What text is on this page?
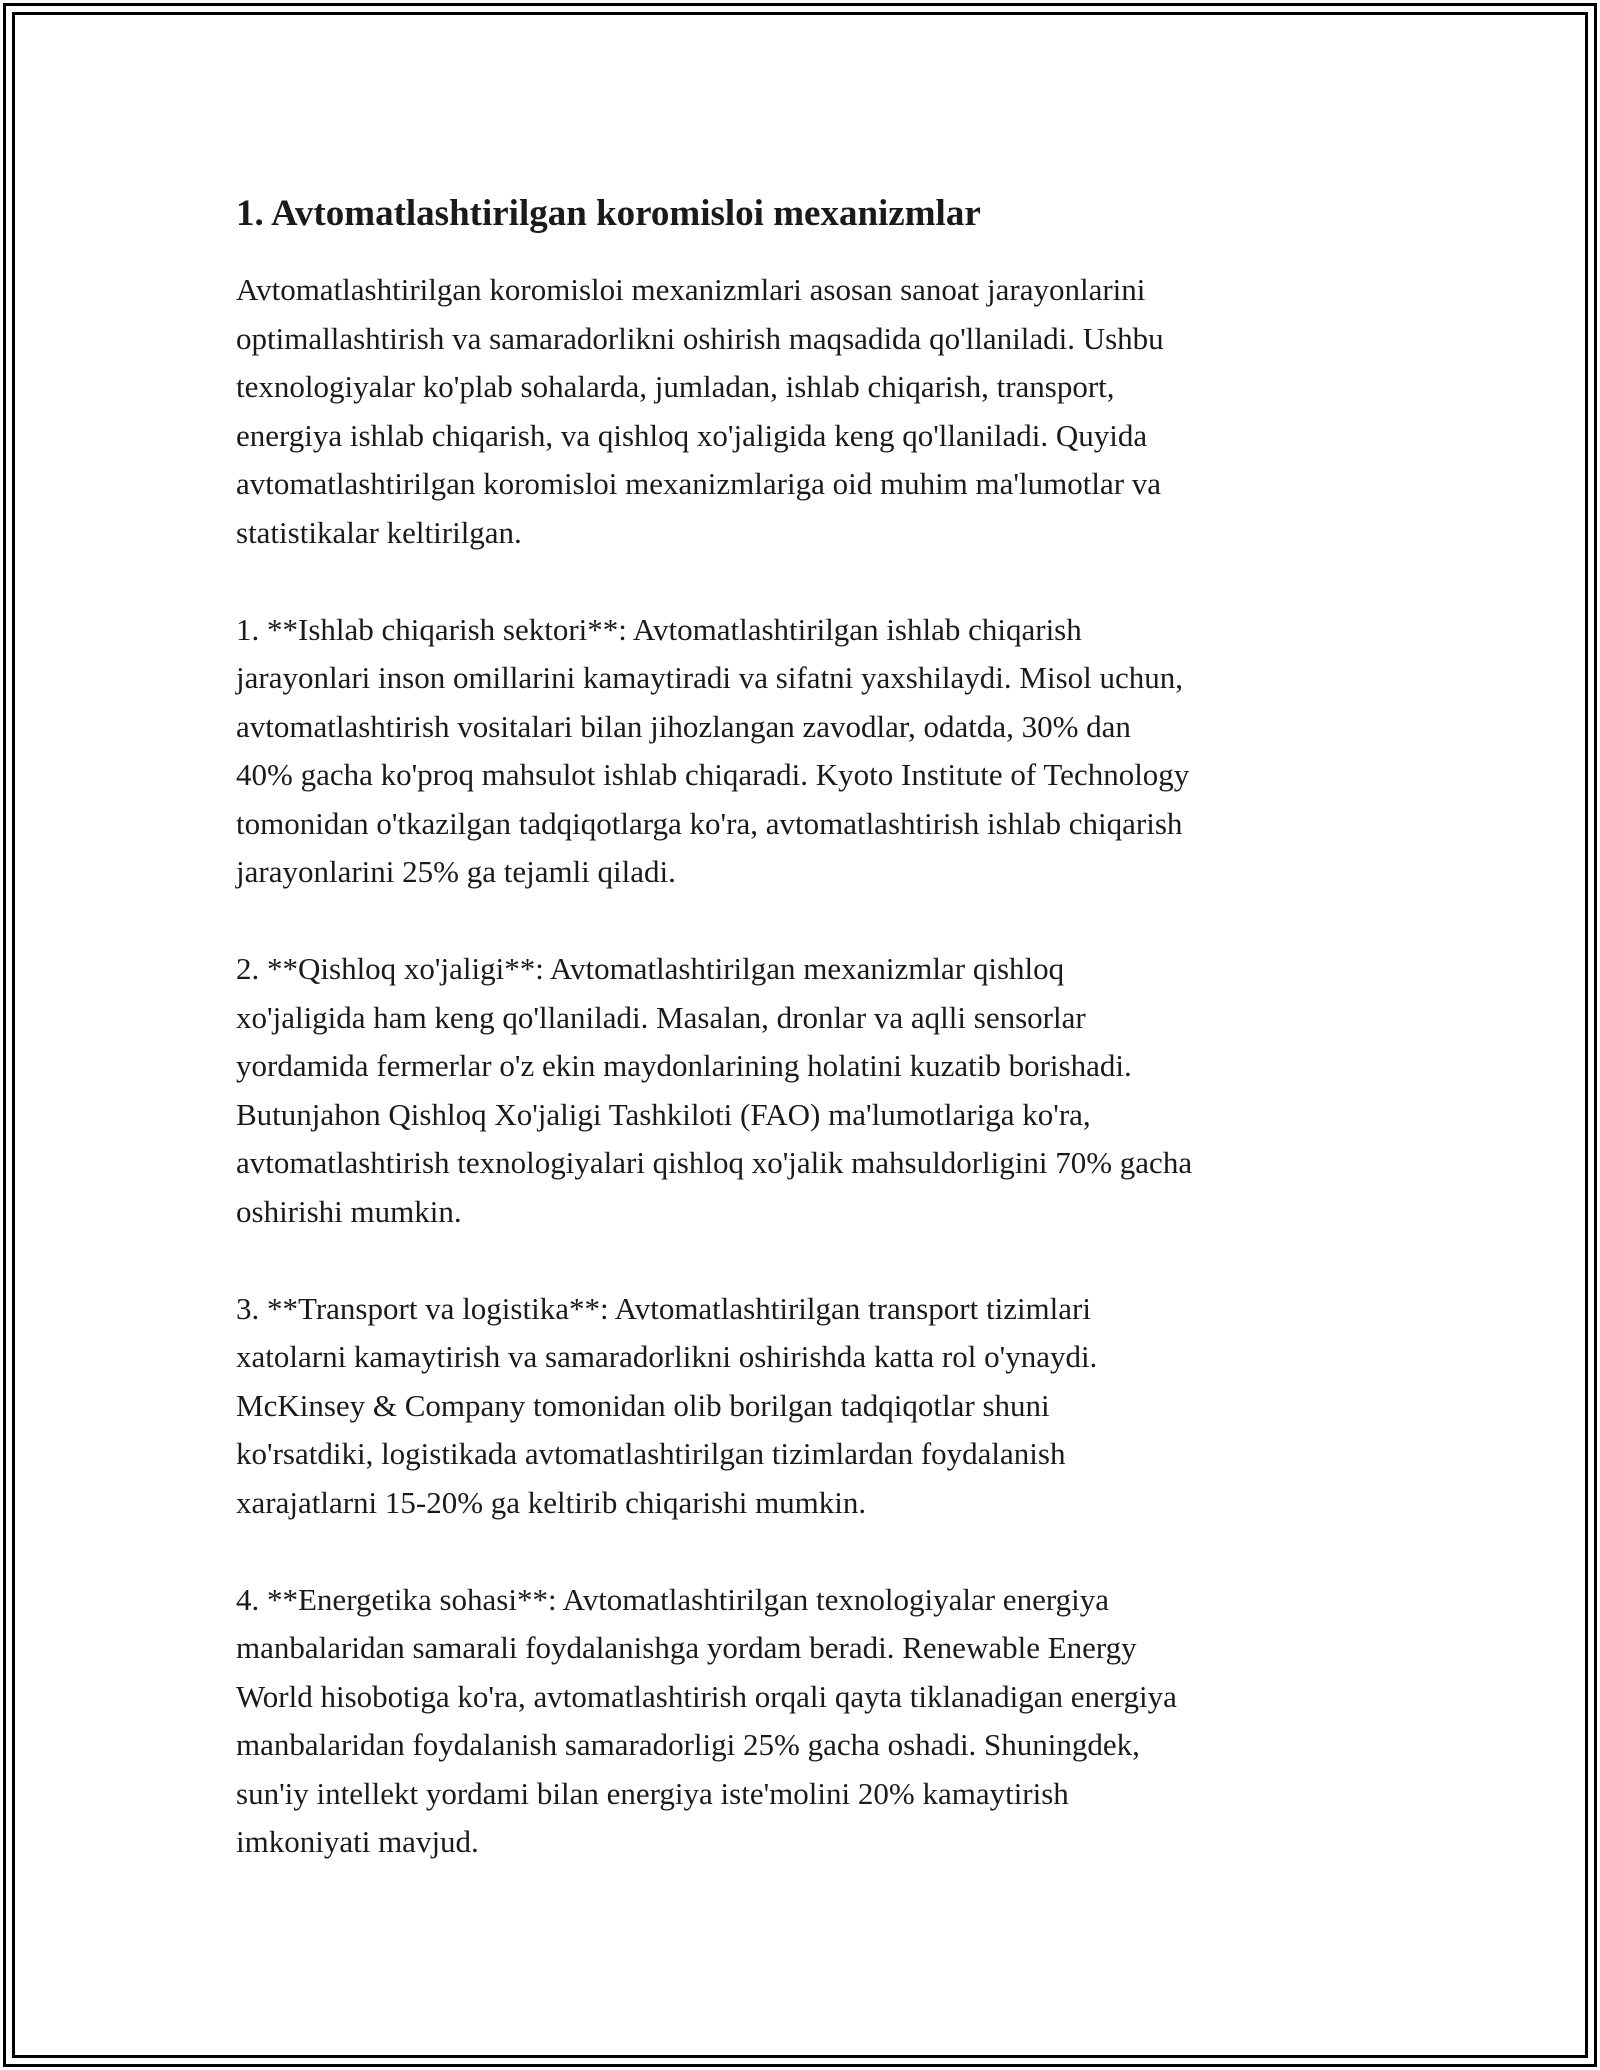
1. Avtomatlashtirilgan koromisloi mexanizmlar

Avtomatlashtirilgan koromisloi mexanizmlari asosan sanoat jarayonlarini
optimallashtirish va samaradorlikni oshirish maqsadida qo'llaniladi. Ushbu
texnologiyalar ko'plab sohalarda, jumladan, ishlab chiqarish, transport,
energiya ishlab chiqarish, va qishloq xo'jaligida keng qo'llaniladi. Quyida
avtomatlashtirilgan koromisloi mexanizmlariga oid muhim ma'lumotlar va
statistikalar keltirilgan.

1. **Ishlab chiqarish sektori**: Avtomatlashtirilgan ishlab chiqarish
jarayonlari inson omillarini kamaytiradi va sifatni yaxshilaydi. Misol uchun,
avtomatlashtirish vositalari bilan jihozlangan zavodlar, odatda, 30% dan
40% gacha ko'proq mahsulot ishlab chiqaradi. Kyoto Institute of Technology
tomonidan o'tkazilgan tadqiqotlarga ko'ra, avtomatlashtirish ishlab chiqarish
jarayonlarini 25% ga tejamli qiladi.

2. **Qishloq xo'jaligi**: Avtomatlashtirilgan mexanizmlar qishloq
xo'jaligida ham keng qo'llaniladi. Masalan, dronlar va aqlli sensorlar
yordamida fermerlar o'z ekin maydonlarining holatini kuzatib borishadi.
Butunjahon Qishloq Xo'jaligi Tashkiloti (FAO) ma'lumotlariga ko'ra,
avtomatlashtirish texnologiyalari qishloq xo'jalik mahsuldorligini 70% gacha
oshirishi mumkin.

3. **Transport va logistika**: Avtomatlashtirilgan transport tizimlari
xatolarni kamaytirish va samaradorlikni oshirishda katta rol o'ynaydi.
McKinsey & Company tomonidan olib borilgan tadqiqotlar shuni
ko'rsatdiki, logistikada avtomatlashtirilgan tizimlardan foydalanish
xarajatlarni 15-20% ga keltirib chiqarishi mumkin.

4. **Energetika sohasi**: Avtomatlashtirilgan texnologiyalar energiya
manbalaridan samarali foydalanishga yordam beradi. Renewable Energy
World hisobotiga ko'ra, avtomatlashtirish orqali qayta tiklanadigan energiya
manbalaridan foydalanish samaradorligi 25% gacha oshadi. Shuningdek,
sun'iy intellekt yordami bilan energiya iste'molini 20% kamaytirish
imkoniyati mavjud.
